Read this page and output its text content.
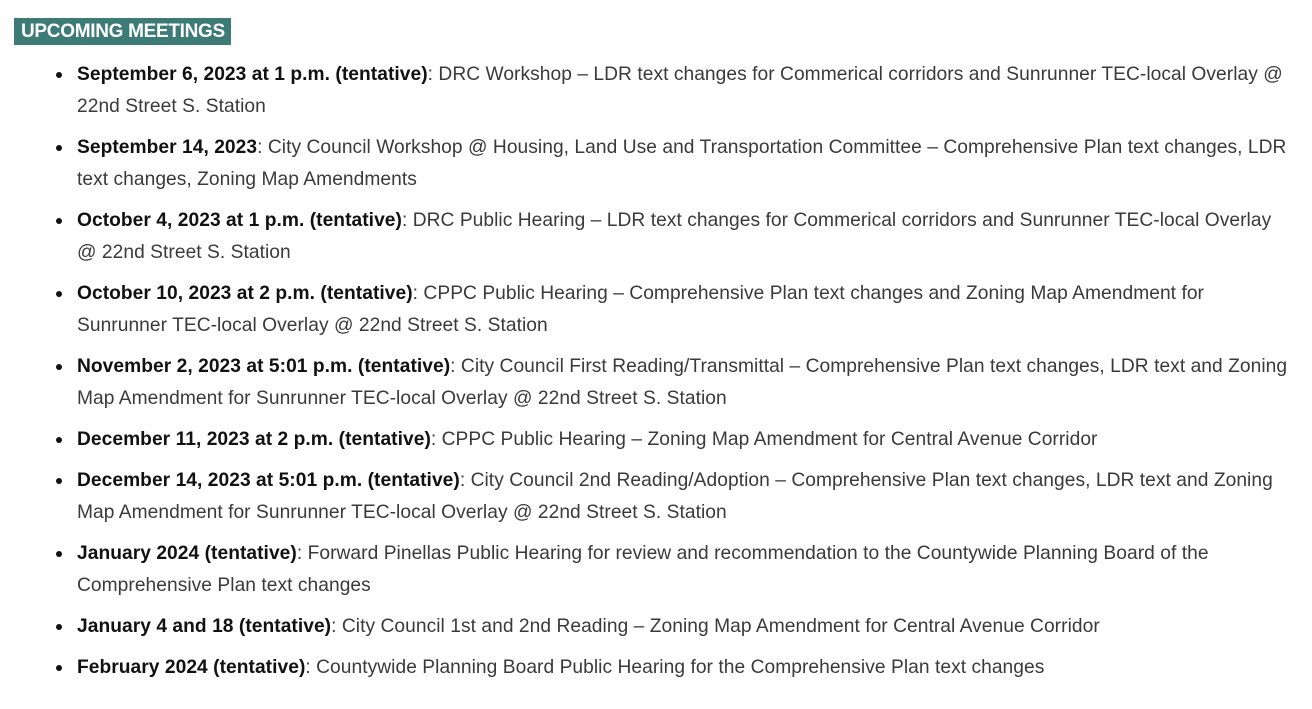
UPCOMING MEETINGS
September 6, 2023 at 1 p.m. (tentative): DRC Workshop – LDR text changes for Commerical corridors and Sunrunner TEC-local Overlay @ 22nd Street S. Station
September 14, 2023: City Council Workshop @ Housing, Land Use and Transportation Committee – Comprehensive Plan text changes, LDR text changes, Zoning Map Amendments
October 4, 2023 at 1 p.m. (tentative): DRC Public Hearing – LDR text changes for Commerical corridors and Sunrunner TEC-local Overlay @ 22nd Street S. Station
October 10, 2023 at 2 p.m. (tentative): CPPC Public Hearing – Comprehensive Plan text changes and Zoning Map Amendment for Sunrunner TEC-local Overlay @ 22nd Street S. Station
November 2, 2023 at 5:01 p.m. (tentative): City Council First Reading/Transmittal – Comprehensive Plan text changes, LDR text and Zoning Map Amendment for Sunrunner TEC-local Overlay @ 22nd Street S. Station
December 11, 2023 at 2 p.m. (tentative): CPPC Public Hearing – Zoning Map Amendment for Central Avenue Corridor
December 14, 2023 at 5:01 p.m. (tentative): City Council 2nd Reading/Adoption – Comprehensive Plan text changes, LDR text and Zoning Map Amendment for Sunrunner TEC-local Overlay @ 22nd Street S. Station
January 2024 (tentative): Forward Pinellas Public Hearing for review and recommendation to the Countywide Planning Board of the Comprehensive Plan text changes
January 4 and 18 (tentative): City Council 1st and 2nd Reading – Zoning Map Amendment for Central Avenue Corridor
February 2024 (tentative): Countywide Planning Board Public Hearing for the Comprehensive Plan text changes
